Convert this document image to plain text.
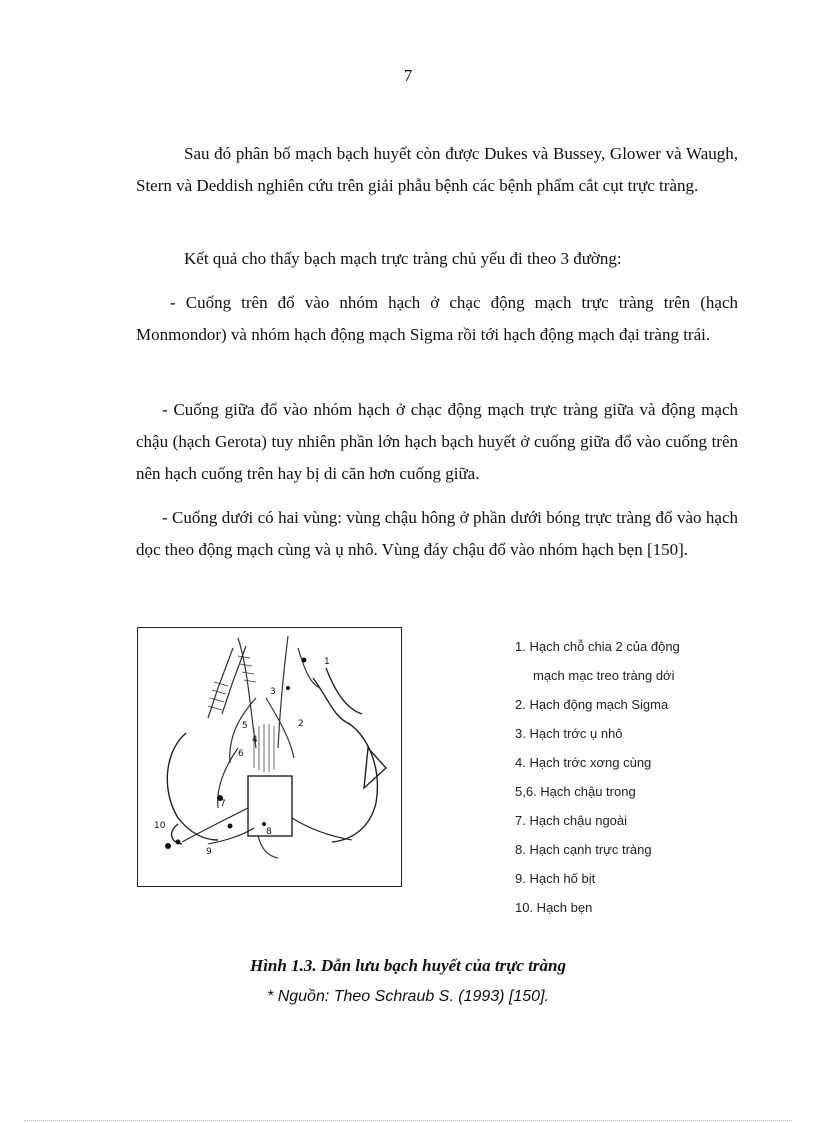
7

Sau đó phân bố mạch bạch huyết còn được Dukes và Bussey, Glower và Waugh, Stern và Deddish nghiên cứu trên giải phẫu bệnh các bệnh phẩm cắt cụt trực tràng.

Kết quả cho thấy bạch mạch trực tràng chủ yếu đi theo 3 đường:

- Cuống trên đổ vào nhóm hạch ở chạc động mạch trực tràng trên (hạch Monmondor) và nhóm hạch động mạch Sigma rồi tới hạch động mạch đại tràng trái.

- Cuống giữa đổ vào nhóm hạch ở chạc động mạch trực tràng giữa và động mạch chậu (hạch Gerota) tuy nhiên phần lớn hạch bạch huyết ở cuống giữa đổ vào cuống trên nên hạch cuống trên hay bị di căn hơn cuống giữa.

- Cuống dưới có hai vùng: vùng chậu hông ở phần dưới bóng trực tràng đổ vào hạch dọc theo động mạch cùng và ụ nhô. Vùng đáy chậu đổ vào nhóm hạch bẹn [150].

1
2
3
4
5
6
7
8
9
10
1. Hạch chỗ chia 2 của động
mạch mạc treo tràng dới
2. Hạch động mạch Sigma
3. Hạch trớc ụ nhô
4. Hạch trớc xơng cùng
5,6. Hạch chậu trong
7. Hạch chậu ngoài
8. Hạch cạnh trực tràng
9. Hạch hố bịt
10. Hạch bẹn

Hình 1.3. Dẫn lưu bạch huyết của trực tràng

* Nguồn: Theo Schraub S. (1993) [150].
